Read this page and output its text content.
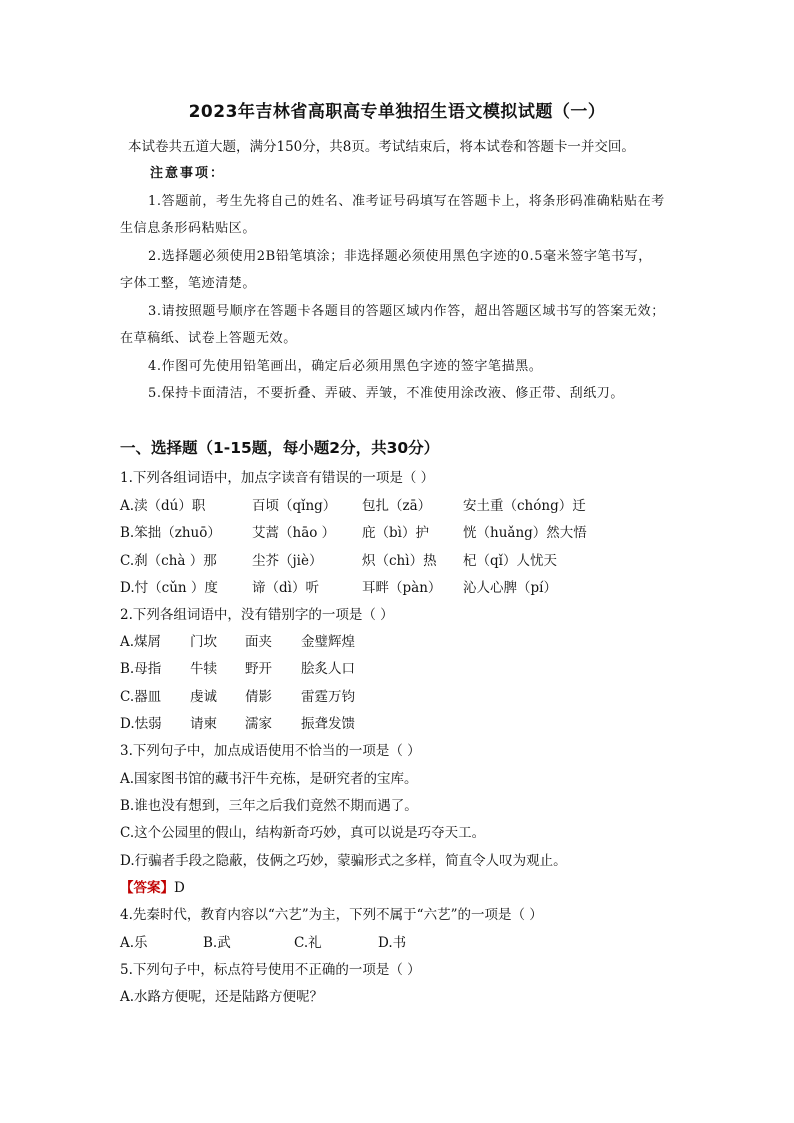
2023年吉林省高职高专单独招生语文模拟试题（一）
本试卷共五道大题，满分150分，共8页。考试结束后，将本试卷和答题卡一并交回。
注意事项：
1.答题前，考生先将自己的姓名、准考证号码填写在答题卡上，将条形码准确粘贴在考
生信息条形码粘贴区。
2.选择题必须使用2B铅笔填涂；非选择题必须使用黑色字迹的0.5毫米签字笔书写，
字体工整，笔迹清楚。
3.请按照题号顺序在答题卡各题目的答题区域内作答，超出答题区域书写的答案无效；
在草稿纸、试卷上答题无效。
4.作图可先使用铅笔画出，确定后必须用黑色字迹的签字笔描黑。
5.保持卡面清洁，不要折叠、弄破、弄皱，不准使用涂改液、修正带、刮纸刀。
一、选择题（1-15题，每小题2分，共30分）
1.下列各组词语中，加点字读音有错误的一项是（ ）
A.渎（dú）职	百顷（qǐng） 包扎（zā） 安土重（chóng）迁
B.笨拙（zhuō） 艾蒿（hāo ） 庇（bì）护	恍（huǎng）然大悟
C.刹（chà ）那	尘芥（jiè）	炽（chì）热 杞（qǐ）人忧天
D.忖（cǔn ）度	谛（dì）听	耳畔（pàn） 沁人心脾（pí）
2.下列各组词语中，没有错别字的一项是（ ）
A.煤屑 门坎 面夹 金璧辉煌
B.母指 牛犊 野开 脍炙人口
C.器皿 虔诚 倩影 雷霆万钧
D.怯弱 请柬 濡家 振聋发馈
3.下列句子中，加点成语使用不恰当的一项是（ ）
A.国家图书馆的藏书汗牛充栋，是研究者的宝库。
B.谁也没有想到，三年之后我们竟然不期而遇了。
C.这个公园里的假山，结构新奇巧妙，真可以说是巧夺天工。
D.行骗者手段之隐蔽，伎俩之巧妙，蒙骗形式之多样，简直令人叹为观止。
【答案】D
4.先秦时代，教育内容以“六艺”为主，下列不属于“六艺”的一项是（ ）
A.乐	B.武	C.礼	D.书
5.下列句子中，标点符号使用不正确的一项是（ ）
A.水路方便呢，还是陆路方便呢？
